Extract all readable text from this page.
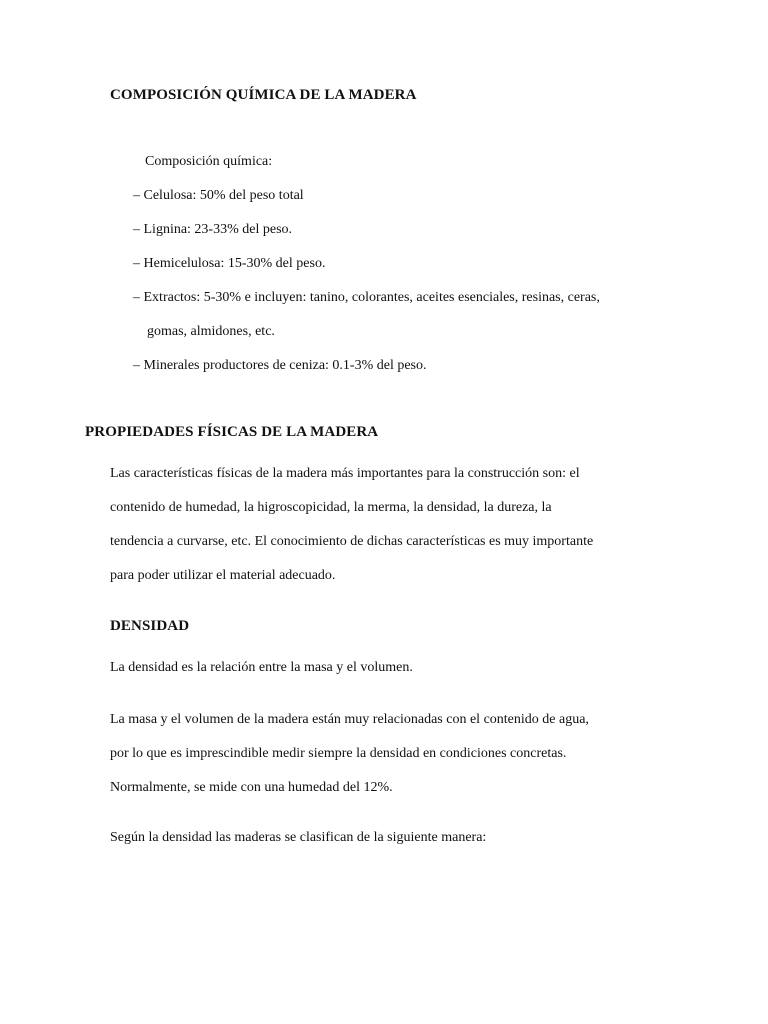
COMPOSICIÓN QUÍMICA DE LA MADERA
Composición química:
– Celulosa: 50% del peso total
– Lignina: 23-33% del peso.
– Hemicelulosa: 15-30% del peso.
– Extractos: 5-30% e incluyen: tanino, colorantes, aceites esenciales, resinas, ceras,
gomas, almidones, etc.
– Minerales productores de ceniza: 0.1-3% del peso.
PROPIEDADES FÍSICAS DE LA MADERA
Las características físicas de la madera más importantes para la construcción son: el
contenido de humedad, la higroscopicidad, la merma, la densidad, la dureza, la
tendencia a curvarse, etc. El conocimiento de dichas características es muy importante
para poder utilizar el material adecuado.
DENSIDAD
La densidad es la relación entre la masa y el volumen.
La masa y el volumen de la madera están muy relacionadas con el contenido de agua,
por lo que es imprescindible medir siempre la densidad en condiciones concretas.
Normalmente, se mide con una humedad del 12%.
Según la densidad las maderas se clasifican de la siguiente manera:
